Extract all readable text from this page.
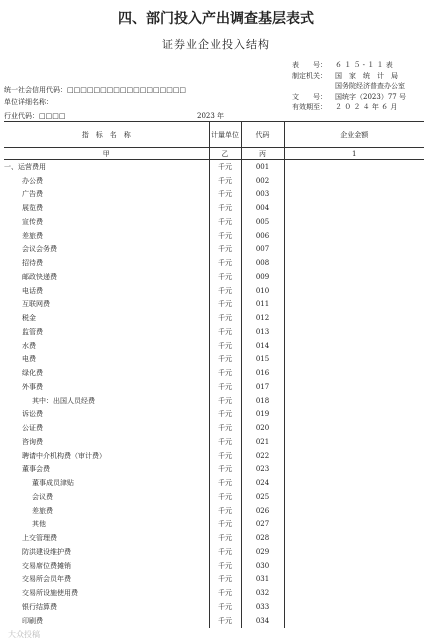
四、部门投入产出调查基层表式
证券业企业投入结构
表　　号：	６ １ ５ - １ １ 表
制定机关：	国　家　统　计　局
国务院经济普查办公室
文　　号：	国统字（2023）77 号
有效期至：	２ ０ ２ ４ 年 ６ 月
统一社会信用代码：□□□□□□□□□□□□□□□□□□
单位详细名称：
行业代码：□□□□	2023 年
指　标　名　称	计量单位	代码	企业金额
甲	乙	丙	1
一、运营费用	千元	001	
办公费	千元	002	
广告费	千元	003	
展览费	千元	004	
宣传费	千元	005	
差旅费	千元	006	
会议会务费	千元	007	
招待费	千元	008	
邮政快递费	千元	009	
电话费	千元	010	
互联网费	千元	011	
税金	千元	012	
监管费	千元	013	
水费	千元	014	
电费	千元	015	
绿化费	千元	016	
外事费	千元	017	
其中：出国人员经费	千元	018	
诉讼费	千元	019	
公证费	千元	020	
咨询费	千元	021	
聘请中介机构费（审计费）	千元	022	
董事会费	千元	023	
董事成员津贴	千元	024	
会议费	千元	025	
差旅费	千元	026	
其他	千元	027	
上交管理费	千元	028	
防洪建设维护费	千元	029	
交易席位费摊销	千元	030	
交易所会员年费	千元	031	
交易所设施使用费	千元	032	
银行结算费	千元	033	
印刷费	千元	034	
大众投稿
